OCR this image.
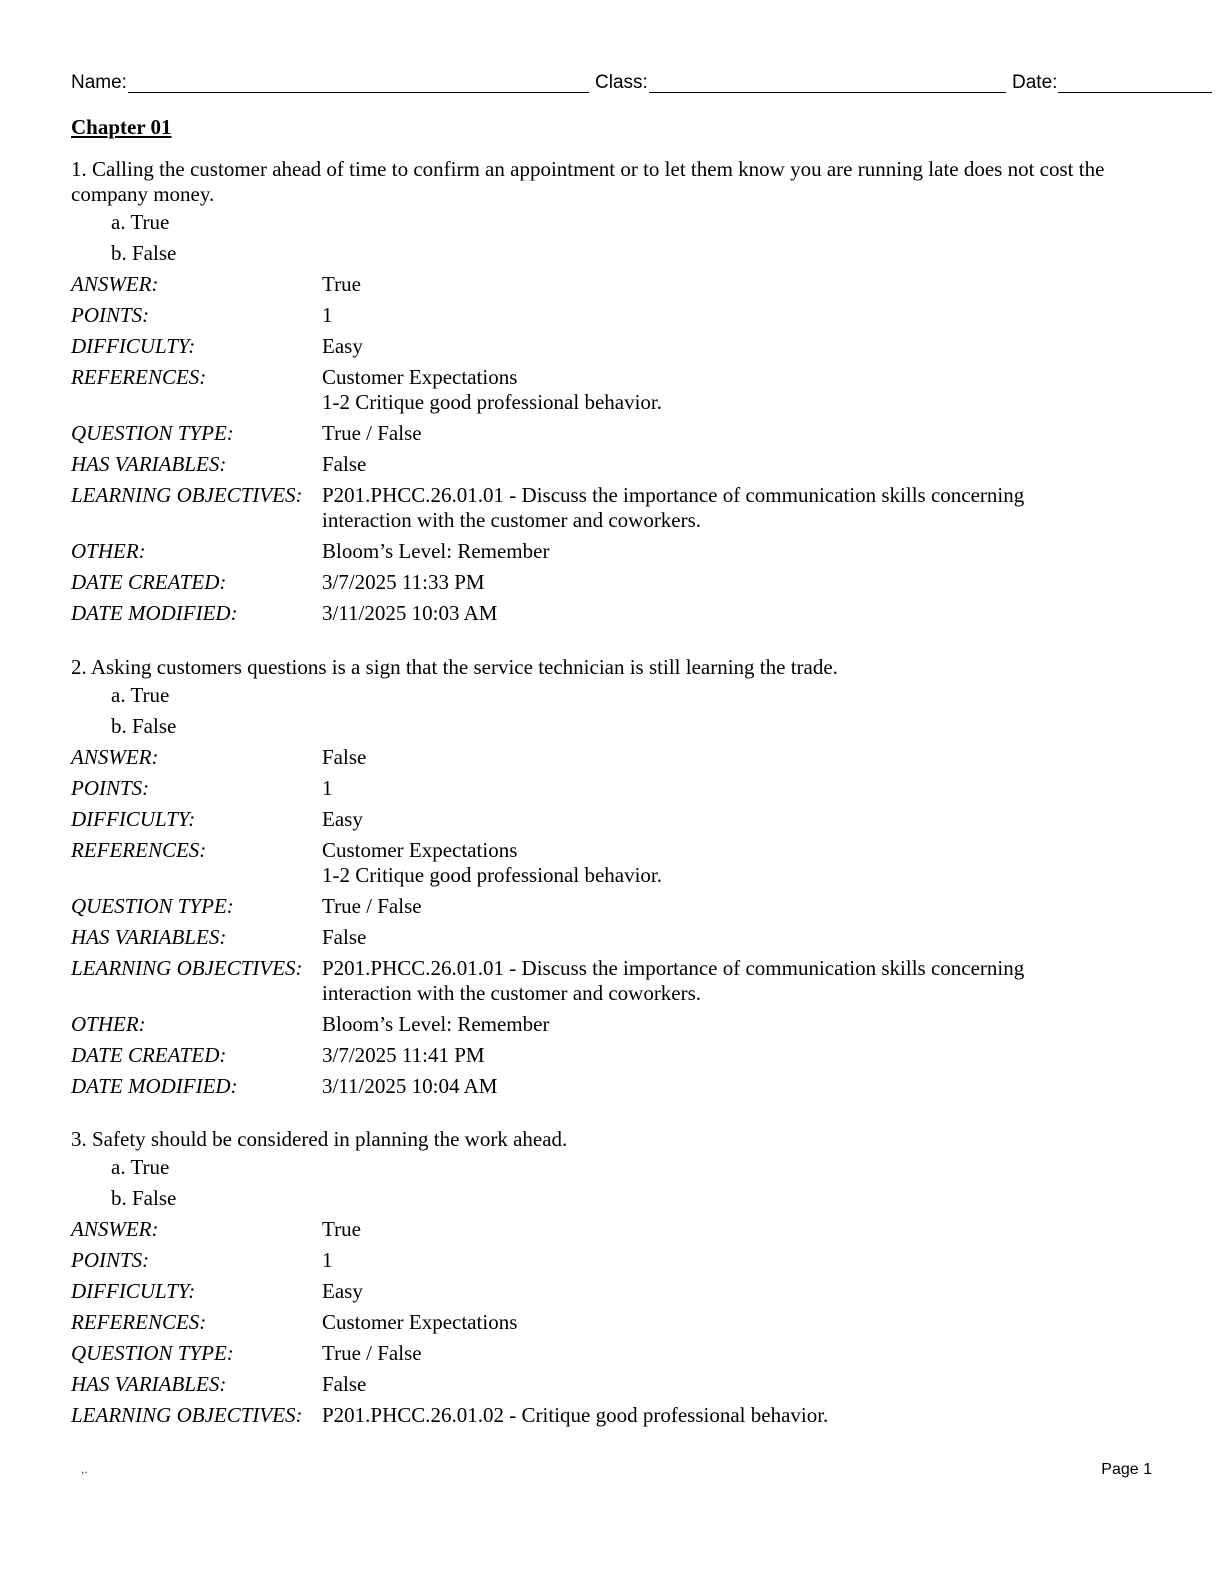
Name:	Class:	Date:
Chapter 01

1. Calling the customer ahead of time to confirm an appointment or to let them know you are running late does not cost the company money.

a. True
b. False
ANSWER:	True
POINTS:	1
DIFFICULTY:	Easy
REFERENCES:	Customer Expectations
1-2 Critique good professional behavior.

QUESTION TYPE:	True / False
HAS VARIABLES:	False
LEARNING OBJECTIVES:	P201.PHCC.26.01.01 - Discuss the importance of communication skills concerning interaction with the customer and coworkers.
OTHER:	Bloom’s Level: Remember
DATE CREATED:	3/7/2025 11:33 PM
DATE MODIFIED:	3/11/2025 10:03 AM

2. Asking customers questions is a sign that the service technician is still learning the trade.

a. True
b. False
ANSWER:	False
POINTS:	1
DIFFICULTY:	Easy
REFERENCES:	Customer Expectations
1-2 Critique good professional behavior.

QUESTION TYPE:	True / False
HAS VARIABLES:	False
LEARNING OBJECTIVES:	P201.PHCC.26.01.01 - Discuss the importance of communication skills concerning interaction with the customer and coworkers.
OTHER:	Bloom’s Level: Remember
DATE CREATED:	3/7/2025 11:41 PM
DATE MODIFIED:	3/11/2025 10:04 AM

3. Safety should be considered in planning the work ahead.

a. True
b. False
ANSWER:	True
POINTS:	1
DIFFICULTY:	Easy
REFERENCES:	Customer Expectations

QUESTION TYPE:	True / False
HAS VARIABLES:	False
LEARNING OBJECTIVES:	P201.PHCC.26.01.02 - Critique good professional behavior.
,.	Page 1
